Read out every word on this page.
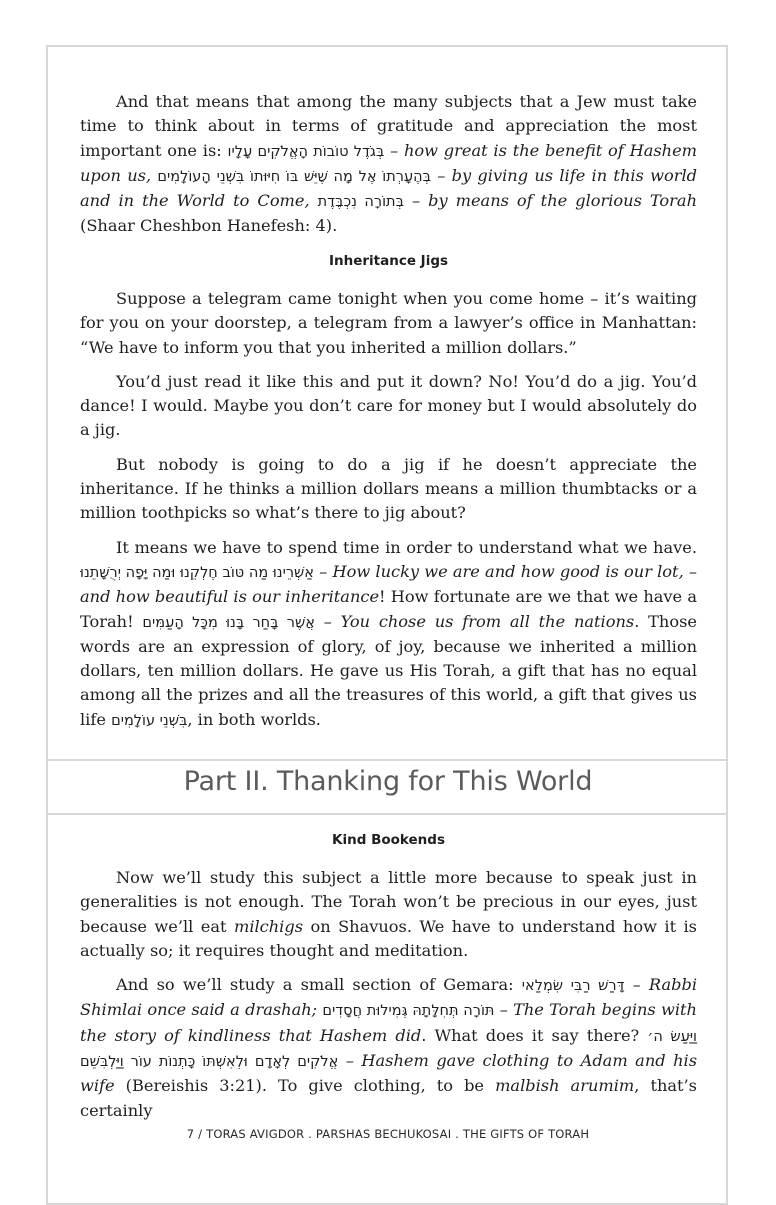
And that means that among the many subjects that a Jew must take time to think about in terms of gratitude and appreciation the most important one is: בְּגֹדֶל טוֹבוֹת הָאֱלֹקִים עָלָיו – how great is the benefit of Hashem upon us, בְּהֶעָרְתוֹ אֶל מָה שֶׁיֵּשׁ בּוֹ חִיּוּתוֹ בִּשְׁנֵי הָעוֹלָמִים – by giving us life in this world and in the World to Come, בְּתוֹרָה נִכְבֶּדֶת – by means of the glorious Torah (Shaar Cheshbon Hanefesh: 4).

Inheritance Jigs

Suppose a telegram came tonight when you come home – it’s waiting for you on your doorstep, a telegram from a lawyer’s office in Manhattan: “We have to inform you that you inherited a million dollars.”

You’d just read it like this and put it down? No! You’d do a jig. You’d dance! I would. Maybe you don’t care for money but I would absolutely do a jig.

But nobody is going to do a jig if he doesn’t appreciate the inheritance. If he thinks a million dollars means a million thumbtacks or a million toothpicks so what’s there to jig about?

It means we have to spend time in order to understand what we have. אַשְׁרֵינוּ מַה טּוֹב חֶלְקֵנוּ וּמַה יָּפָה יְרֻשָּׁתֵנוּ – How lucky we are and how good is our lot, – and how beautiful is our inheritance! How fortunate are we that we have a Torah! אֲשֶׁר בָּחַר בָּנוּ מִכָּל הָעַמִּים – You chose us from all the nations. Those words are an expression of glory, of joy, because we inherited a million dollars, ten million dollars. He gave us His Torah, a gift that has no equal among all the prizes and all the treasures of this world, a gift that gives us life בִּשְׁנֵי עוֹלָמִים, in both worlds.

Part II. Thanking for This World
Kind Bookends

Now we’ll study this subject a little more because to speak just in generalities is not enough. The Torah won’t be precious in our eyes, just because we’ll eat milchigs on Shavuos. We have to understand how it is actually so; it requires thought and meditation.

And so we’ll study a small section of Gemara: דָּרַשׁ רַבִּי שִׂמְלַאי – Rabbi Shimlai once said a drashah; תּוֹרָה תְּחִלָּתָהּ גְּמִילוּת חֲסָדִים – The Torah begins with the story of kindliness that Hashem did. What does it say there? וַיַּעַשׂ ה׳ אֱלֹקִים לְאָדָם וּלְאִשְׁתּוֹ כָּתְנוֹת עוֹר וַיַּלְבִּשֵׁם – Hashem gave clothing to Adam and his wife (Bereishis 3:21). To give clothing, to be malbish arumim, that’s certainly

7 / TORAS AVIGDOR . PARSHAS BECHUKOSAI . THE GIFTS OF TORAH
